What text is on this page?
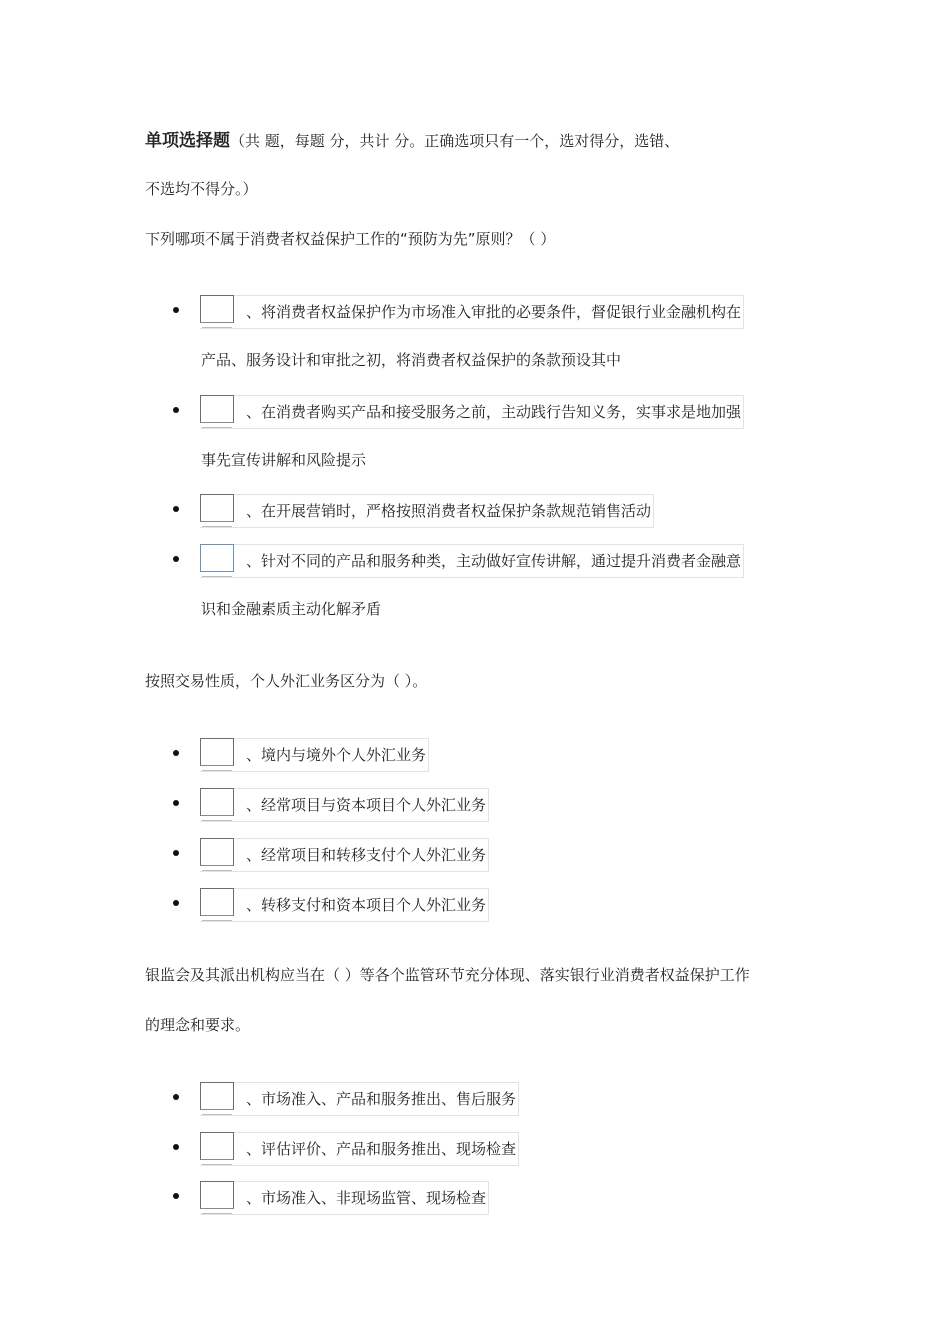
单项选择题（共 题，每题 分，共计 分。正确选项只有一个，选对得分，选错、
不选均不得分。）
下列哪项不属于消费者权益保护工作的“预防为先”原则？（ ）
、将消费者权益保护作为市场准入审批的必要条件，督促银行业金融机构在
产品、服务设计和审批之初，将消费者权益保护的条款预设其中
、在消费者购买产品和接受服务之前，主动践行告知义务，实事求是地加强
事先宣传讲解和风险提示
、在开展营销时，严格按照消费者权益保护条款规范销售活动
、针对不同的产品和服务种类，主动做好宣传讲解，通过提升消费者金融意
识和金融素质主动化解矛盾
按照交易性质，个人外汇业务区分为（ ）。
、境内与境外个人外汇业务
、经常项目与资本项目个人外汇业务
、经常项目和转移支付个人外汇业务
、转移支付和资本项目个人外汇业务
银监会及其派出机构应当在（ ）等各个监管环节充分体现、落实银行业消费者权益保护工作
的理念和要求。
、市场准入、产品和服务推出、售后服务
、评估评价、产品和服务推出、现场检查
、市场准入、非现场监管、现场检查
